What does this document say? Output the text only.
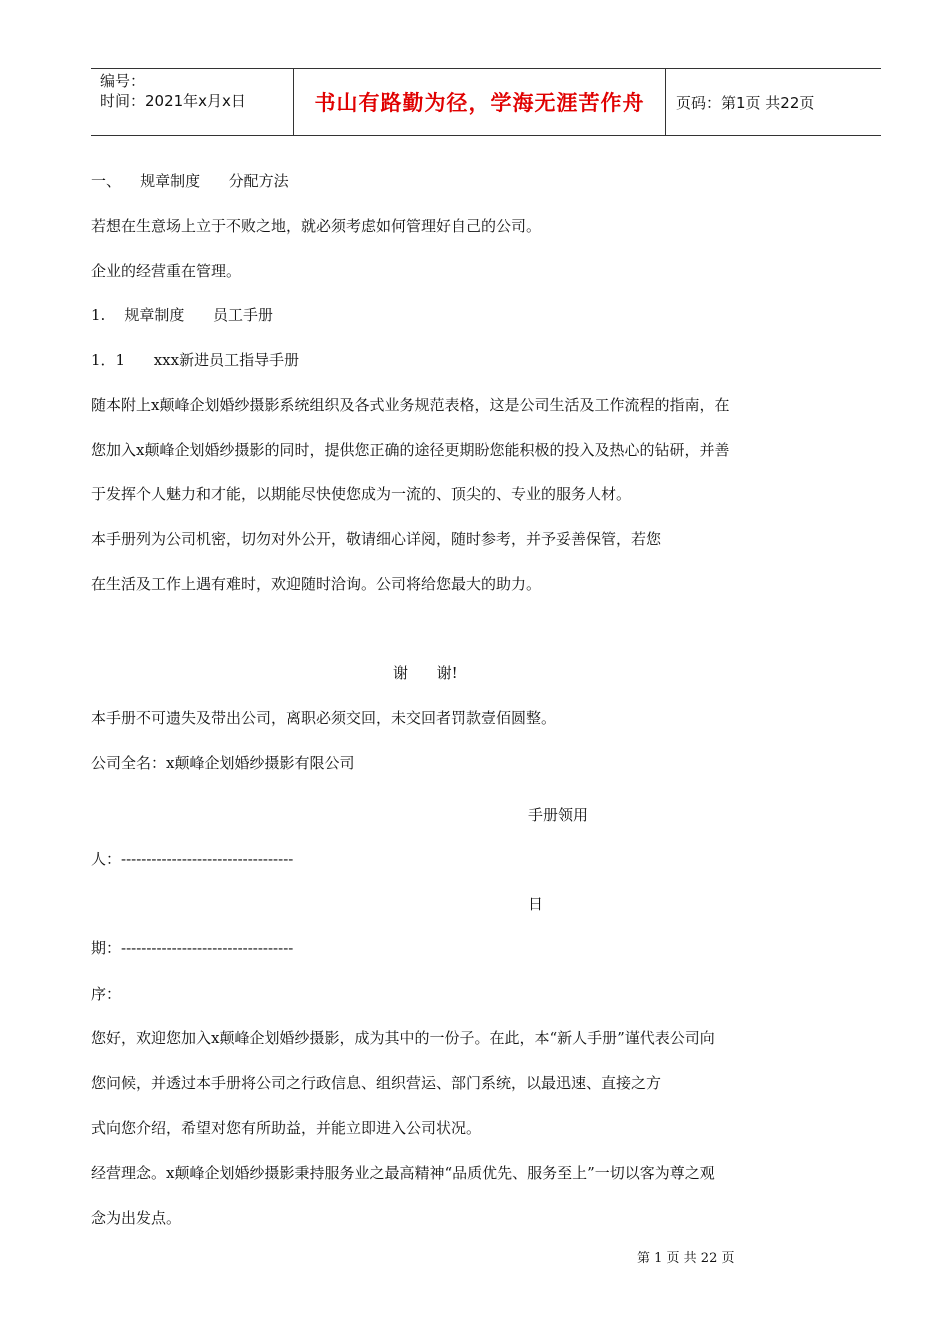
编号：
时间：2021年x月x日	书山有路勤为径，学海无涯苦作舟	页码：第1页 共22页
一、    规章制度      分配方法
若想在生意场上立于不败之地，就必须考虑如何管理好自己的公司。
企业的经营重在管理。
1.    规章制度      员工手册
1．1      xxx新进员工指导手册
随本附上x颠峰企划婚纱摄影系统组织及各式业务规范表格，这是公司生活及工作流程的指南，在
您加入x颠峰企划婚纱摄影的同时，提供您正确的途径更期盼您能积极的投入及热心的钻研，并善
于发挥个人魅力和才能，以期能尽快使您成为一流的、顶尖的、专业的服务人材。
本手册列为公司机密，切勿对外公开，敬请细心详阅，随时参考，并予妥善保管，若您
在生活及工作上遇有难时，欢迎随时洽询。公司将给您最大的助力。
谢      谢!
本手册不可遗失及带出公司，离职必须交回，未交回者罚款壹佰圆整。
公司全名：x颠峰企划婚纱摄影有限公司
手册领用
人：----------------------------------
日
期：----------------------------------
序：
您好，欢迎您加入x颠峰企划婚纱摄影，成为其中的一份子。在此，本“新人手册”谨代表公司向
您问候，并透过本手册将公司之行政信息、组织营运、部门系统，以最迅速、直接之方
式向您介绍，希望对您有所助益，并能立即进入公司状况。
经营理念。x颠峰企划婚纱摄影秉持服务业之最高精神“品质优先、服务至上”一切以客为尊之观
念为出发点。
第 1 页 共 22 页
